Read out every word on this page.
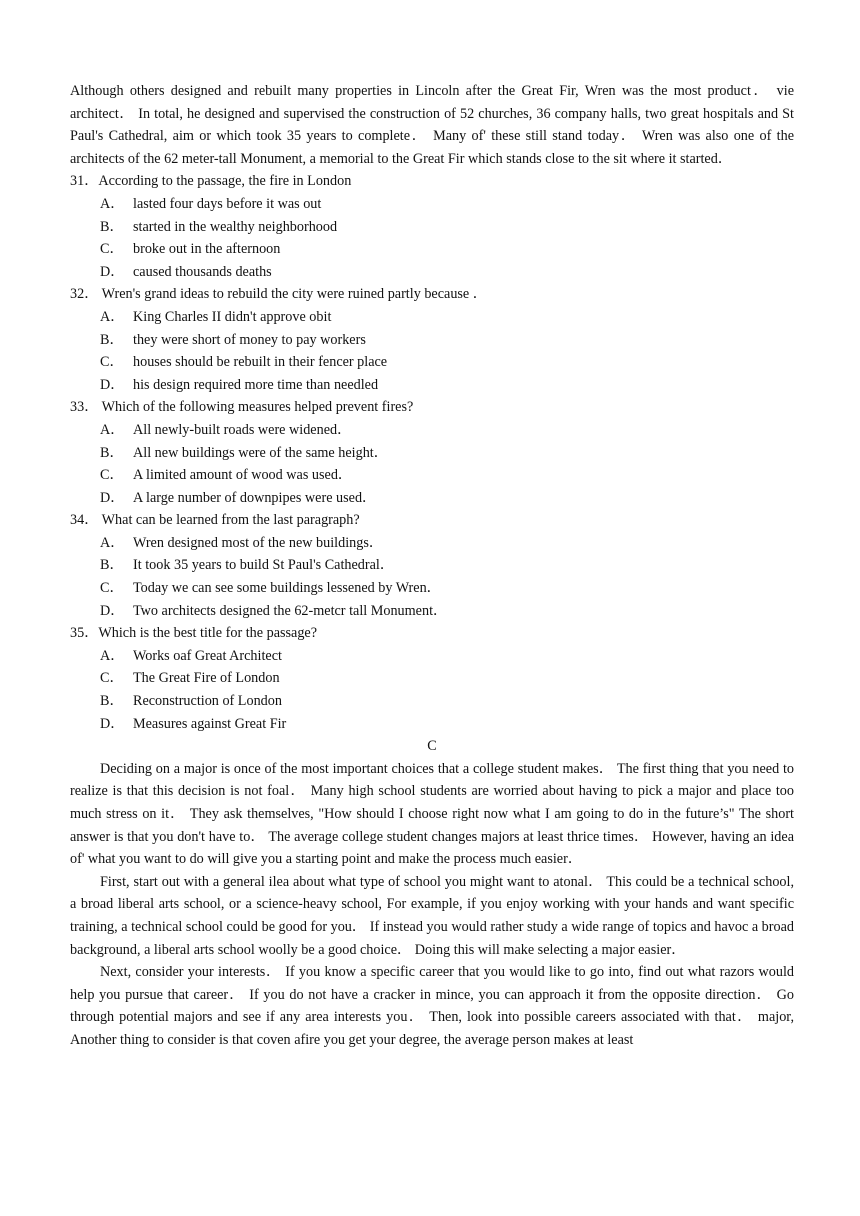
Although others designed and rebuilt many properties in Lincoln after the Great Fir, Wren was the most product． vie architect． In total, he designed and supervised the construction of 52 churches, 36 company halls, two great hospitals and St Paul's Cathedral, aim or which took 35 years to complete． Many of' these still stand today． Wren was also one of the architects of the 62 meter-tall Monument, a memorial to the Great Fir which stands close to the sit where it started．

31．According to the passage, the fire in London

A． lasted four days before it was out

B． started in the wealthy neighborhood

C． broke out in the afternoon

D． caused thousands deaths

32． Wren's grand ideas to rebuild the city were ruined partly because ．

A． King Charles II didn't approve obit

B． they were short of money to pay workers

C． houses should be rebuilt in their fencer place

D． his design required more time than needled

33． Which of the following measures helped prevent fires?

A． All newly-built roads were widened．

B． All new buildings were of the same height．

C． A limited amount of wood was used．

D． A large number of downpipes were used．

34． What can be learned from the last paragraph?

A． Wren designed most of the new buildings．

B． It took 35 years to build St Paul's Cathedral．

C． Today we can see some buildings lessened by Wren．

D． Two architects designed the 62-metcr tall Monument．

35．Which is the best title for the passage?

A． Works oaf Great Architect

C． The Great Fire of London

B． Reconstruction of London

D． Measures against Great Fir

C

Deciding on a major is once of the most important choices that a college student makes． The first thing that you need to realize is that this decision is not foal． Many high school students are worried about having to pick a major and place too much stress on it． They ask themselves, "How should I choose right now what I am going to do in the future’s" The short answer is that you don't have to． The average college student changes majors at least thrice times． However, having an idea of' what you want to do will give you a starting point and make the process much easier．

First, start out with a general ilea about what type of school you might want to atonal． This could be a technical school, a broad liberal arts school, or a science-heavy school, For example, if you enjoy working with your hands and want specific training, a technical school could be good for you． If instead you would rather study a wide range of topics and havoc a broad background, a liberal arts school woolly be a good choice． Doing this will make selecting a major easier．

Next, consider your interests． If you know a specific career that you would like to go into, find out what razors would help you pursue that career． If you do not have a cracker in mince, you can approach it from the opposite direction． Go through potential majors and see if any area interests you． Then, look into possible careers associated with that． major, Another thing to consider is that coven afire you get your degree, the average person makes at least
